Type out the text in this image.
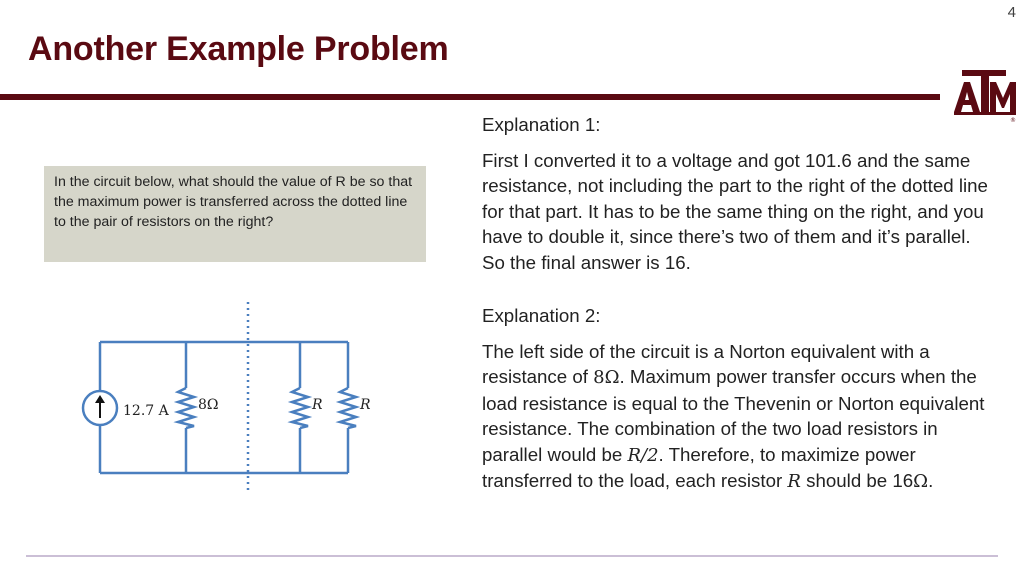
4
Another Example Problem
®
In the circuit below, what should the value of R be so that the maximum power is transferred across the dotted line to the pair of resistors on the right?
12.7 A 8Ω	R	R

Explanation 1:

First I converted it to a voltage and got 101.6 and the same resistance, not including the part to the right of the dotted line for that part. It has to be the same thing on the right, and you have to double it, since there’s two of them and it’s parallel. So the final answer is 16.

Explanation 2:

The left side of the circuit is a Norton equivalent with a resistance of 8Ω. Maximum power transfer occurs when the load resistance is equal to the Thevenin or Norton equivalent resistance. The combination of the two load resistors in parallel would be R/2. Therefore, to maximize power transferred to the load, each resistor R should be 16Ω.
